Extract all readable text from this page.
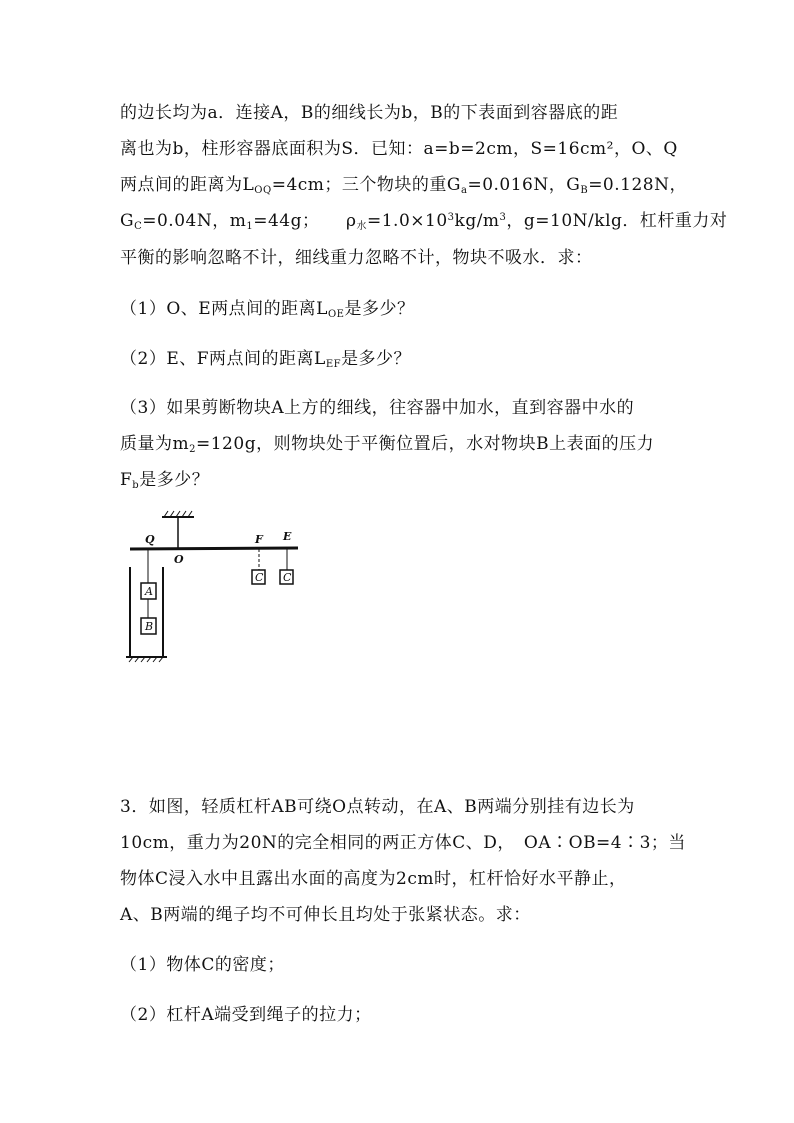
的边长均为a．连接A，B的细线长为b，B的下表面到容器底的距
离也为b，柱形容器底面积为S．已知：a=b=2cm，S=16cm²，O、Q
两点间的距离为$L_{OQ}=4cm$；三个物块的重$G_a=0.016N$，$G_B=0.128N$，
$G_C=0.04N$，$m_1=44g$；　　$\rho_水=1.0\times 10^3kg/m^3$，g=10N/klg．杠杆重力对
平衡的影响忽略不计，细线重力忽略不计，物块不吸水．求：
（1）O、E两点间的距离$L_{OE}$是多少？
（2）E、F两点间的距离$L_{EF}$是多少？
（3）如果剪断物块A上方的细线，往容器中加水，直到容器中水的
质量为$m_2=120g$，则物块处于平衡位置后，水对物块B上表面的压力
$F_b$是多少？
Q
O
F E
A
B
C C
3．如图，轻质杠杆AB可绕O点转动，在A、B两端分别挂有边长为
10cm，重力为20N的完全相同的两正方体C、D，　OA∶OB=4∶3；当
物体C浸入水中且露出水面的高度为2cm时，杠杆恰好水平静止，
A、B两端的绳子均不可伸长且均处于张紧状态。求：
（1）物体C的密度；
（2）杠杆A端受到绳子的拉力；
